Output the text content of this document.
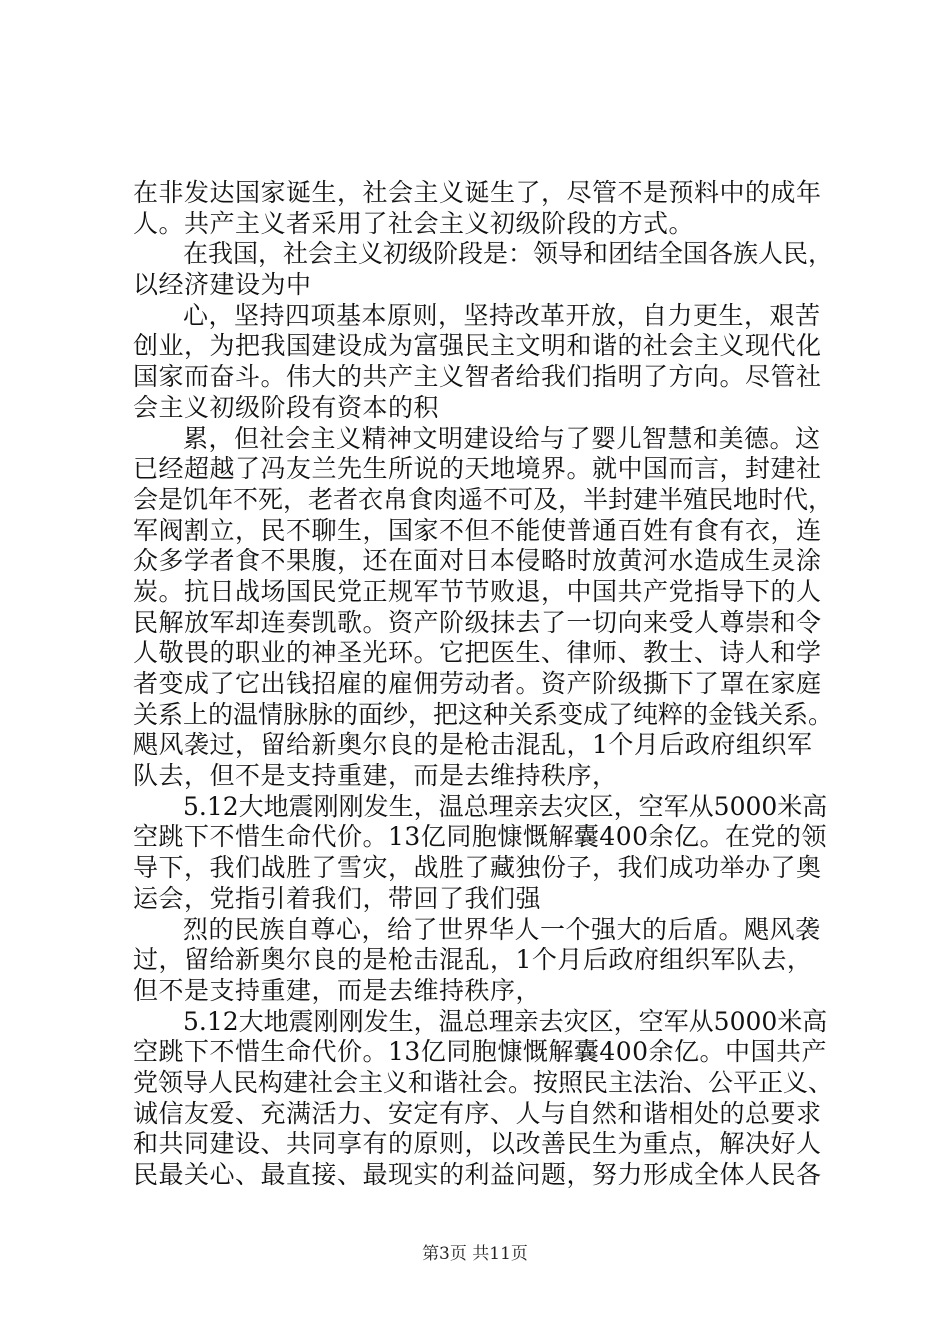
在非发达国家诞生，社会主义诞生了，尽管不是预料中的成年
人。共产主义者采用了社会主义初级阶段的方式。
在我国，社会主义初级阶段是：领导和团结全国各族人民，
以经济建设为中
心，坚持四项基本原则，坚持改革开放，自力更生，艰苦
创业，为把我国建设成为富强民主文明和谐的社会主义现代化
国家而奋斗。伟大的共产主义智者给我们指明了方向。尽管社
会主义初级阶段有资本的积
累，但社会主义精神文明建设给与了婴儿智慧和美德。这
已经超越了冯友兰先生所说的天地境界。就中国而言，封建社
会是饥年不死，老者衣帛食肉遥不可及，半封建半殖民地时代，
军阀割立，民不聊生，国家不但不能使普通百姓有食有衣，连
众多学者食不果腹，还在面对日本侵略时放黄河水造成生灵涂
炭。抗日战场国民党正规军节节败退，中国共产党指导下的人
民解放军却连奏凯歌。资产阶级抹去了一切向来受人尊崇和令
人敬畏的职业的神圣光环。它把医生、律师、教士、诗人和学
者变成了它出钱招雇的雇佣劳动者。资产阶级撕下了罩在家庭
关系上的温情脉脉的面纱，把这种关系变成了纯粹的金钱关系。
飓风袭过，留给新奥尔良的是枪击混乱，1个月后政府组织军
队去，但不是支持重建，而是去维持秩序，
5.12大地震刚刚发生，温总理亲去灾区，空军从5000米高
空跳下不惜生命代价。13亿同胞慷慨解囊400余亿。在党的领
导下，我们战胜了雪灾，战胜了藏独份子，我们成功举办了奥
运会，党指引着我们，带回了我们强
烈的民族自尊心，给了世界华人一个强大的后盾。飓风袭
过，留给新奥尔良的是枪击混乱，1个月后政府组织军队去，
但不是支持重建，而是去维持秩序，
5.12大地震刚刚发生，温总理亲去灾区，空军从5000米高
空跳下不惜生命代价。13亿同胞慷慨解囊400余亿。中国共产
党领导人民构建社会主义和谐社会。按照民主法治、公平正义、
诚信友爱、充满活力、安定有序、人与自然和谐相处的总要求
和共同建设、共同享有的原则，以改善民生为重点，解决好人
民最关心、最直接、最现实的利益问题，努力形成全体人民各
第3页 共11页
